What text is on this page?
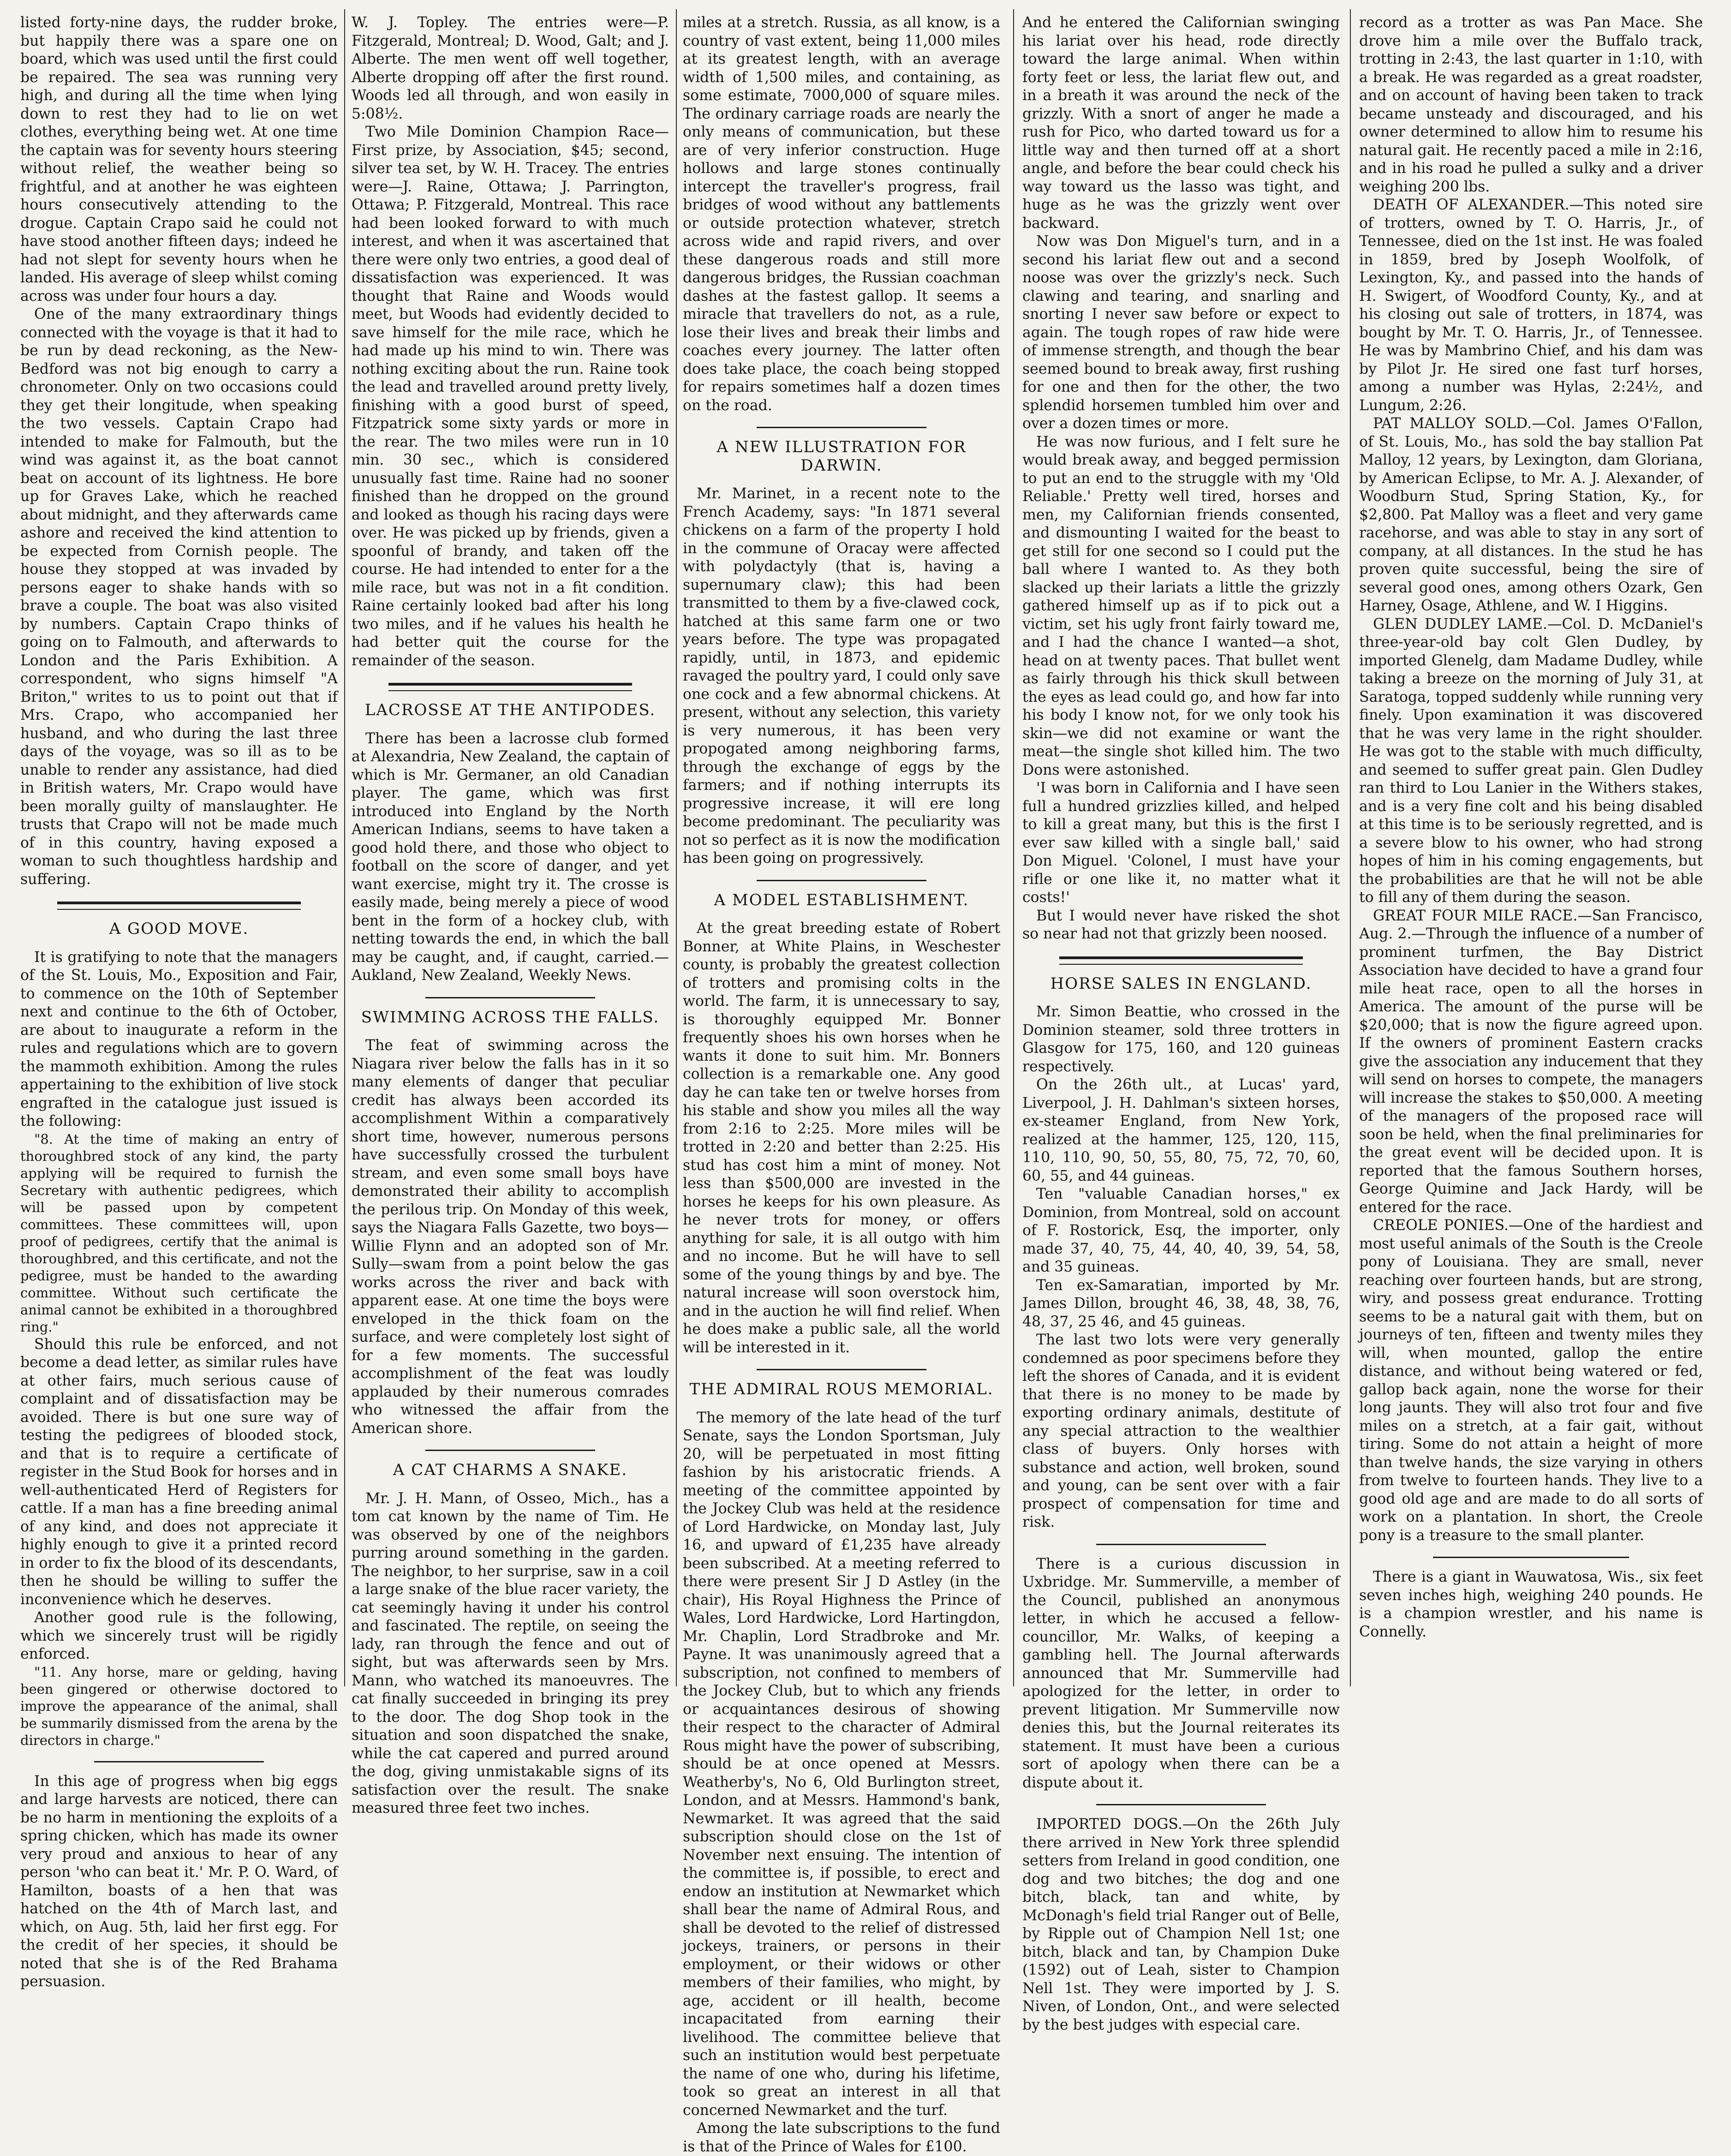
listed forty-nine days, the rudder broke, but happily there was a spare one on board, which was used until the first could be repaired. The sea was running very high, and during all the time when lying down to rest they had to lie on wet clothes, everything being wet. At one time the captain was for seventy hours steering without relief, the weather being so frightful, and at another he was eighteen hours consecutively attending to the drogue. Captain Crapo said he could not have stood another fifteen days; indeed he had not slept for seventy hours when he landed. His average of sleep whilst coming across was under four hours a day.

One of the many extraordinary things connected with the voyage is that it had to be run by dead reckoning, as the New-Bedford was not big enough to carry a chronometer. Only on two occasions could they get their longitude, when speaking the two vessels. Captain Crapo had intended to make for Falmouth, but the wind was against it, as the boat cannot beat on account of its lightness. He bore up for Graves Lake, which he reached about midnight, and they afterwards came ashore and received the kind attention to be expected from Cornish people. The house they stopped at was invaded by persons eager to shake hands with so brave a couple. The boat was also visited by numbers. Captain Crapo thinks of going on to Falmouth, and afterwards to London and the Paris Exhibition. A correspondent, who signs himself "A Briton," writes to us to point out that if Mrs. Crapo, who accompanied her husband, and who during the last three days of the voyage, was so ill as to be unable to render any assistance, had died in British waters, Mr. Crapo would have been morally guilty of manslaughter. He trusts that Crapo will not be made much of in this country, having exposed a woman to such thoughtless hardship and suffering.

A GOOD MOVE.

It is gratifying to note that the managers of the St. Louis, Mo., Exposition and Fair, to commence on the 10th of September next and continue to the 6th of October, are about to inaugurate a reform in the rules and regulations which are to govern the mammoth exhibition. Among the rules appertaining to the exhibition of live stock engrafted in the catalogue just issued is the following:

"8. At the time of making an entry of thoroughbred stock of any kind, the party applying will be required to furnish the Secretary with authentic pedigrees, which will be passed upon by competent committees. These committees will, upon proof of pedigrees, certify that the animal is thoroughbred, and this certificate, and not the pedigree, must be handed to the awarding committee. Without such certificate the animal cannot be exhibited in a thoroughbred ring."

Should this rule be enforced, and not become a dead letter, as similar rules have at other fairs, much serious cause of complaint and of dissatisfaction may be avoided. There is but one sure way of testing the pedigrees of blooded stock, and that is to require a certificate of register in the Stud Book for horses and in well-authenticated Herd of Registers for cattle. If a man has a fine breeding animal of any kind, and does not appreciate it highly enough to give it a printed record in order to fix the blood of its descendants, then he should be willing to suffer the inconvenience which he deserves.

Another good rule is the following, which we sincerely trust will be rigidly enforced.

"11. Any horse, mare or gelding, having been gingered or otherwise doctored to improve the appearance of the animal, shall be summarily dismissed from the arena by the directors in charge."

In this age of progress when big eggs and large harvests are noticed, there can be no harm in mentioning the exploits of a spring chicken, which has made its owner very proud and anxious to hear of any person 'who can beat it.' Mr. P. O. Ward, of Hamilton, boasts of a hen that was hatched on the 4th of March last, and which, on Aug. 5th, laid her first egg. For the credit of her species, it should be noted that she is of the Red Brahama persuasion.

W. J. Topley. The entries were—P. Fitzgerald, Montreal; D. Wood, Galt; and J. Alberte. The men went off well together, Alberte dropping off after the first round. Woods led all through, and won easily in 5:08½.

Two Mile Dominion Champion Race—First prize, by Association, $45; second, silver tea set, by W. H. Tracey. The entries were—J. Raine, Ottawa; J. Parrington, Ottawa; P. Fitzgerald, Montreal. This race had been looked forward to with much interest, and when it was ascertained that there were only two entries, a good deal of dissatisfaction was experienced. It was thought that Raine and Woods would meet, but Woods had evidently decided to save himself for the mile race, which he had made up his mind to win. There was nothing exciting about the run. Raine took the lead and travelled around pretty lively, finishing with a good burst of speed, Fitzpatrick some sixty yards or more in the rear. The two miles were run in 10 min. 30 sec., which is considered unusually fast time. Raine had no sooner finished than he dropped on the ground and looked as though his racing days were over. He was picked up by friends, given a spoonful of brandy, and taken off the course. He had intended to enter for a the mile race, but was not in a fit condition. Raine certainly looked bad after his long two miles, and if he values his health he had better quit the course for the remainder of the season.

LACROSSE AT THE ANTIPODES.

There has been a lacrosse club formed at Alexandria, New Zealand, the captain of which is Mr. Germaner, an old Canadian player. The game, which was first introduced into England by the North American Indians, seems to have taken a good hold there, and those who object to football on the score of danger, and yet want exercise, might try it. The crosse is easily made, being merely a piece of wood bent in the form of a hockey club, with netting towards the end, in which the ball may be caught, and, if caught, carried.—Aukland, New Zealand, Weekly News.

SWIMMING ACROSS THE FALLS.

The feat of swimming across the Niagara river below the falls has in it so many elements of danger that peculiar credit has always been accorded its accomplishment Within a comparatively short time, however, numerous persons have successfully crossed the turbulent stream, and even some small boys have demonstrated their ability to accomplish the perilous trip. On Monday of this week, says the Niagara Falls Gazette, two boys—Willie Flynn and an adopted son of Mr. Sully—swam from a point below the gas works across the river and back with apparent ease. At one time the boys were enveloped in the thick foam on the surface, and were completely lost sight of for a few moments. The successful accomplishment of the feat was loudly applauded by their numerous comrades who witnessed the affair from the American shore.

A CAT CHARMS A SNAKE.

Mr. J. H. Mann, of Osseo, Mich., has a tom cat known by the name of Tim. He was observed by one of the neighbors purring around something in the garden. The neighbor, to her surprise, saw in a coil a large snake of the blue racer variety, the cat seemingly having it under his control and fascinated. The reptile, on seeing the lady, ran through the fence and out of sight, but was afterwards seen by Mrs. Mann, who watched its manoeuvres. The cat finally succeeded in bringing its prey to the door. The dog Shop took in the situation and soon dispatched the snake, while the cat capered and purred around the dog, giving unmistakable signs of its satisfaction over the result. The snake measured three feet two inches.

miles at a stretch. Russia, as all know, is a country of vast extent, being 11,000 miles at its greatest length, with an average width of 1,500 miles, and containing, as some estimate, 7000,000 of square miles. The ordinary carriage roads are nearly the only means of communication, but these are of very inferior construction. Huge hollows and large stones continually intercept the traveller's progress, frail bridges of wood without any battlements or outside protection whatever, stretch across wide and rapid rivers, and over these dangerous roads and still more dangerous bridges, the Russian coachman dashes at the fastest gallop. It seems a miracle that travellers do not, as a rule, lose their lives and break their limbs and coaches every journey. The latter often does take place, the coach being stopped for repairs sometimes half a dozen times on the road.

A NEW ILLUSTRATION FOR DARWIN.

Mr. Marinet, in a recent note to the French Academy, says: "In 1871 several chickens on a farm of the property I hold in the commune of Oracay were affected with polydactyly (that is, having a supernumary claw); this had been transmitted to them by a five-clawed cock, hatched at this same farm one or two years before. The type was propagated rapidly, until, in 1873, and epidemic ravaged the poultry yard, I could only save one cock and a few abnormal chickens. At present, without any selection, this variety is very numerous, it has been very propogated among neighboring farms, through the exchange of eggs by the farmers; and if nothing interrupts its progressive increase, it will ere long become predominant. The peculiarity was not so perfect as it is now the modification has been going on progressively.

A MODEL ESTABLISHMENT.

At the great breeding estate of Robert Bonner, at White Plains, in Weschester county, is probably the greatest collection of trotters and promising colts in the world. The farm, it is unnecessary to say, is thoroughly equipped Mr. Bonner frequently shoes his own horses when he wants it done to suit him. Mr. Bonners collection is a remarkable one. Any good day he can take ten or twelve horses from his stable and show you miles all the way from 2:16 to 2:25. More miles will be trotted in 2:20 and better than 2:25. His stud has cost him a mint of money. Not less than $500,000 are invested in the horses he keeps for his own pleasure. As he never trots for money, or offers anything for sale, it is all outgo with him and no income. But he will have to sell some of the young things by and bye. The natural increase will soon overstock him, and in the auction he will find relief. When he does make a public sale, all the world will be interested in it.

THE ADMIRAL ROUS MEMORIAL.

The memory of the late head of the turf Senate, says the London Sportsman, July 20, will be perpetuated in most fitting fashion by his aristocratic friends. A meeting of the committee appointed by the Jockey Club was held at the residence of Lord Hardwicke, on Monday last, July 16, and upward of £1,235 have already been subscribed. At a meeting referred to there were present Sir J D Astley (in the chair), His Royal Highness the Prince of Wales, Lord Hardwicke, Lord Hartingdon, Mr. Chaplin, Lord Stradbroke and Mr. Payne. It was unanimously agreed that a subscription, not confined to members of the Jockey Club, but to which any friends or acquaintances desirous of showing their respect to the character of Admiral Rous might have the power of subscribing, should be at once opened at Messrs. Weatherby's, No 6, Old Burlington street, London, and at Messrs. Hammond's bank, Newmarket. It was agreed that the said subscription should close on the 1st of November next ensuing. The intention of the committee is, if possible, to erect and endow an institution at Newmarket which shall bear the name of Admiral Rous, and shall be devoted to the relief of distressed jockeys, trainers, or persons in their employment, or their widows or other members of their families, who might, by age, accident or ill health, become incapacitated from earning their livelihood. The committee believe that such an institution would best perpetuate the name of one who, during his lifetime, took so great an interest in all that concerned Newmarket and the turf.

Among the late subscriptions to the fund is that of the Prince of Wales for £100.

And he entered the Californian swinging his lariat over his head, rode directly toward the large animal. When within forty feet or less, the lariat flew out, and in a breath it was around the neck of the grizzly. With a snort of anger he made a rush for Pico, who darted toward us for a little way and then turned off at a short angle, and before the bear could check his way toward us the lasso was tight, and huge as he was the grizzly went over backward.

Now was Don Miguel's turn, and in a second his lariat flew out and a second noose was over the grizzly's neck. Such clawing and tearing, and snarling and snorting I never saw before or expect to again. The tough ropes of raw hide were of immense strength, and though the bear seemed bound to break away, first rushing for one and then for the other, the two splendid horsemen tumbled him over and over a dozen times or more.

He was now furious, and I felt sure he would break away, and begged permission to put an end to the struggle with my 'Old Reliable.' Pretty well tired, horses and men, my Californian friends consented, and dismounting I waited for the beast to get still for one second so I could put the ball where I wanted to. As they both slacked up their lariats a little the grizzly gathered himself up as if to pick out a victim, set his ugly front fairly toward me, and I had the chance I wanted—a shot, head on at twenty paces. That bullet went as fairly through his thick skull between the eyes as lead could go, and how far into his body I know not, for we only took his skin—we did not examine or want the meat—the single shot killed him. The two Dons were astonished.

'I was born in California and I have seen full a hundred grizzlies killed, and helped to kill a great many, but this is the first I ever saw killed with a single ball,' said Don Miguel. 'Colonel, I must have your rifle or one like it, no matter what it costs!'

But I would never have risked the shot so near had not that grizzly been noosed.

HORSE SALES IN ENGLAND.

Mr. Simon Beattie, who crossed in the Dominion steamer, sold three trotters in Glasgow for 175, 160, and 120 guineas respectively.

On the 26th ult., at Lucas' yard, Liverpool, J. H. Dahlman's sixteen horses, ex-steamer England, from New York, realized at the hammer, 125, 120, 115, 110, 110, 90, 50, 55, 80, 75, 72, 70, 60, 60, 55, and 44 guineas.

Ten "valuable Canadian horses," ex Dominion, from Montreal, sold on account of F. Rostorick, Esq, the importer, only made 37, 40, 75, 44, 40, 40, 39, 54, 58, and 35 guineas.

Ten ex-Samaratian, imported by Mr. James Dillon, brought 46, 38, 48, 38, 76, 48, 37, 25 46, and 45 guineas.

The last two lots were very generally condemned as poor specimens before they left the shores of Canada, and it is evident that there is no money to be made by exporting ordinary animals, destitute of any special attraction to the wealthier class of buyers. Only horses with substance and action, well broken, sound and young, can be sent over with a fair prospect of compensation for time and risk.

There is a curious discussion in Uxbridge. Mr. Summerville, a member of the Council, published an anonymous letter, in which he accused a fellow-councillor, Mr. Walks, of keeping a gambling hell. The Journal afterwards announced that Mr. Summerville had apologized for the letter, in order to prevent litigation. Mr Summerville now denies this, but the Journal reiterates its statement. It must have been a curious sort of apology when there can be a dispute about it.

IMPORTED DOGS.—On the 26th July there arrived in New York three splendid setters from Ireland in good condition, one dog and two bitches; the dog and one bitch, black, tan and white, by McDonagh's field trial Ranger out of Belle, by Ripple out of Champion Nell 1st; one bitch, black and tan, by Champion Duke (1592) out of Leah, sister to Champion Nell 1st. They were imported by J. S. Niven, of London, Ont., and were selected by the best judges with especial care.

record as a trotter as was Pan Mace. She drove him a mile over the Buffalo track, trotting in 2:43, the last quarter in 1:10, with a break. He was regarded as a great roadster, and on account of having been taken to track became unsteady and discouraged, and his owner determined to allow him to resume his natural gait. He recently paced a mile in 2:16, and in his road he pulled a sulky and a driver weighing 200 lbs.

DEATH OF ALEXANDER.—This noted sire of trotters, owned by T. O. Harris, Jr., of Tennessee, died on the 1st inst. He was foaled in 1859, bred by Joseph Woolfolk, of Lexington, Ky., and passed into the hands of H. Swigert, of Woodford County, Ky., and at his closing out sale of trotters, in 1874, was bought by Mr. T. O. Harris, Jr., of Tennessee. He was by Mambrino Chief, and his dam was by Pilot Jr. He sired one fast turf horses, among a number was Hylas, 2:24½, and Lungum, 2:26.

PAT MALLOY SOLD.—Col. James O'Fallon, of St. Louis, Mo., has sold the bay stallion Pat Malloy, 12 years, by Lexington, dam Gloriana, by American Eclipse, to Mr. A. J. Alexander, of Woodburn Stud, Spring Station, Ky., for $2,800. Pat Malloy was a fleet and very game racehorse, and was able to stay in any sort of company, at all distances. In the stud he has proven quite successful, being the sire of several good ones, among others Ozark, Gen Harney, Osage, Athlene, and W. I Higgins.

GLEN DUDLEY LAME.—Col. D. McDaniel's three-year-old bay colt Glen Dudley, by imported Glenelg, dam Madame Dudley, while taking a breeze on the morning of July 31, at Saratoga, topped suddenly while running very finely. Upon examination it was discovered that he was very lame in the right shoulder. He was got to the stable with much difficulty, and seemed to suffer great pain. Glen Dudley ran third to Lou Lanier in the Withers stakes, and is a very fine colt and his being disabled at this time is to be seriously regretted, and is a severe blow to his owner, who had strong hopes of him in his coming engagements, but the probabilities are that he will not be able to fill any of them during the season.

GREAT FOUR MILE RACE.—San Francisco, Aug. 2.—Through the influence of a number of prominent turfmen, the Bay District Association have decided to have a grand four mile heat race, open to all the horses in America. The amount of the purse will be $20,000; that is now the figure agreed upon. If the owners of prominent Eastern cracks give the association any inducement that they will send on horses to compete, the managers will increase the stakes to $50,000. A meeting of the managers of the proposed race will soon be held, when the final preliminaries for the great event will be decided upon. It is reported that the famous Southern horses, George Quimine and Jack Hardy, will be entered for the race.

CREOLE PONIES.—One of the hardiest and most useful animals of the South is the Creole pony of Louisiana. They are small, never reaching over fourteen hands, but are strong, wiry, and possess great endurance. Trotting seems to be a natural gait with them, but on journeys of ten, fifteen and twenty miles they will, when mounted, gallop the entire distance, and without being watered or fed, gallop back again, none the worse for their long jaunts. They will also trot four and five miles on a stretch, at a fair gait, without tiring. Some do not attain a height of more than twelve hands, the size varying in others from twelve to fourteen hands. They live to a good old age and are made to do all sorts of work on a plantation. In short, the Creole pony is a treasure to the small planter.

There is a giant in Wauwatosa, Wis., six feet seven inches high, weighing 240 pounds. He is a champion wrestler, and his name is Connelly.
